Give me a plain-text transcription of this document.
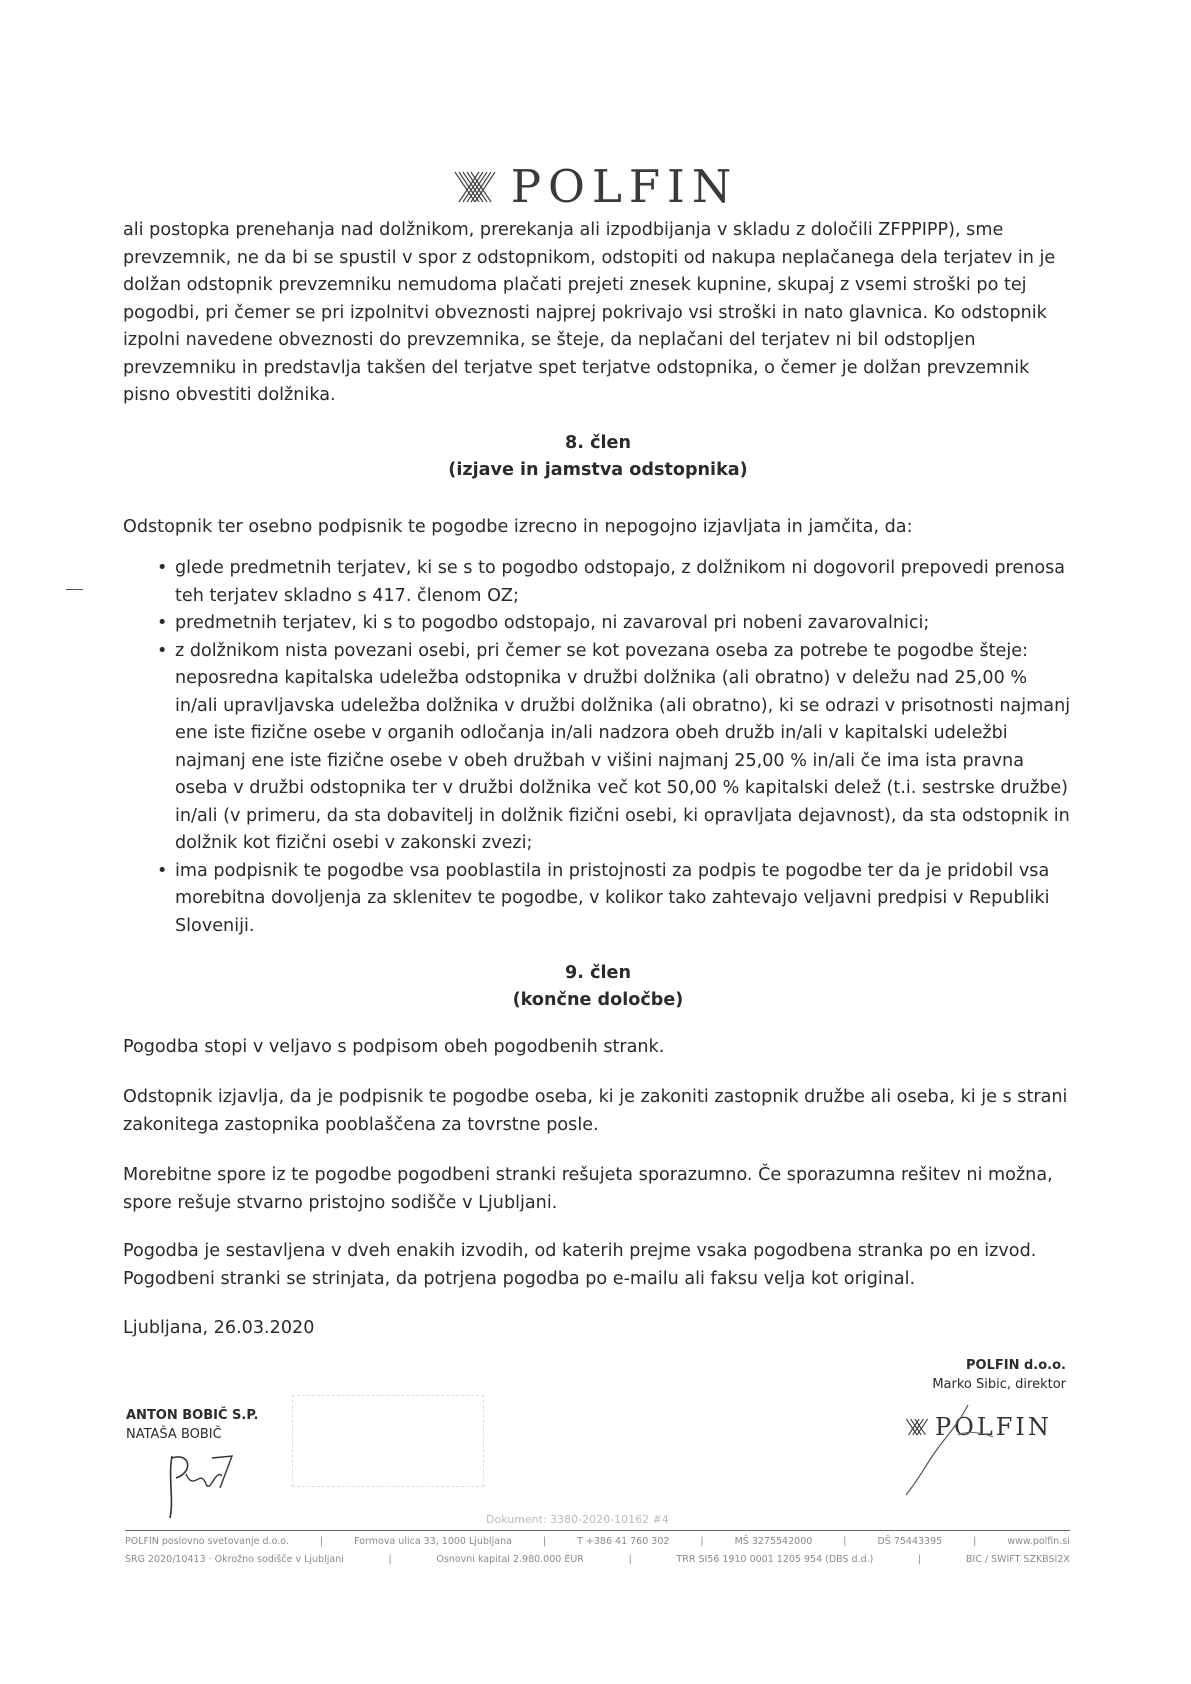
POLFIN

ali postopka prenehanja nad dolžnikom, prerekanja ali izpodbijanja v skladu z določili ZFPPIPP), sme prevzemnik, ne da bi se spustil v spor z odstopnikom, odstopiti od nakupa neplačanega dela terjatev in je dolžan odstopnik prevzemniku nemudoma plačati prejeti znesek kupnine, skupaj z vsemi stroški po tej pogodbi, pri čemer se pri izpolnitvi obveznosti najprej pokrivajo vsi stroški in nato glavnica. Ko odstopnik izpolni navedene obveznosti do prevzemnika, se šteje, da neplačani del terjatev ni bil odstopljen prevzemniku in predstavlja takšen del terjatve spet terjatve odstopnika, o čemer je dolžan prevzemnik pisno obvestiti dolžnika.

8. člen
(izjave in jamstva odstopnika)

Odstopnik ter osebno podpisnik te pogodbe izrecno in nepogojno izjavljata in jamčita, da:

• glede predmetnih terjatev, ki se s to pogodbo odstopajo, z dolžnikom ni dogovoril prepovedi prenosa teh terjatev skladno s 417. členom OZ;
• predmetnih terjatev, ki s to pogodbo odstopajo, ni zavaroval pri nobeni zavarovalnici;
• z dolžnikom nista povezani osebi, pri čemer se kot povezana oseba za potrebe te pogodbe šteje: neposredna kapitalska udeležba odstopnika v družbi dolžnika (ali obratno) v deležu nad 25,00 % in/ali upravljavska udeležba dolžnika v družbi dolžnika (ali obratno), ki se odrazi v prisotnosti najmanj ene iste fizične osebe v organih odločanja in/ali nadzora obeh družb in/ali v kapitalski udeležbi najmanj ene iste fizične osebe v obeh družbah v višini najmanj 25,00 % in/ali če ima ista pravna oseba v družbi odstopnika ter v družbi dolžnika več kot 50,00 % kapitalski delež (t.i. sestrske družbe) in/ali (v primeru, da sta dobavitelj in dolžnik fizični osebi, ki opravljata dejavnost), da sta odstopnik in dolžnik kot fizični osebi v zakonski zvezi;
• ima podpisnik te pogodbe vsa pooblastila in pristojnosti za podpis te pogodbe ter da je pridobil vsa morebitna dovoljenja za sklenitev te pogodbe, v kolikor tako zahtevajo veljavni predpisi v Republiki Sloveniji.
9. člen
(končne določbe)

Pogodba stopi v veljavo s podpisom obeh pogodbenih strank.

Odstopnik izjavlja, da je podpisnik te pogodbe oseba, ki je zakoniti zastopnik družbe ali oseba, ki je s strani zakonitega zastopnika pooblaščena za tovrstne posle.

Morebitne spore iz te pogodbe pogodbeni stranki rešujeta sporazumno. Če sporazumna rešitev ni možna, spore rešuje stvarno pristojno sodišče v Ljubljani.

Pogodba je sestavljena v dveh enakih izvodih, od katerih prejme vsaka pogodbena stranka po en izvod. Pogodbeni stranki se strinjata, da potrjena pogodba po e-mailu ali faksu velja kot original.

Ljubljana, 26.03.2020

POLFIN d.o.o.
Marko Sibic, direktor
POLFIN
ANTON BOBIČ S.P.
NATAŠA BOBIČ
Dokument: 3380-2020-10162 #4
POLFIN poslovno svetovanje d.o.o.	|	Formova ulica 33, 1000 Ljubljana	|	T +386 41 760 302	|	MŠ 3275542000	|	DŠ 75443395	|	www.polfin.si
SRG 2020/10413 · Okrožno sodišče v Ljubljani	|	Osnovni kapital 2.980.000 EUR	|	TRR SI56 1910 0001 1205 954 (DBS d.d.)	|	BIC / SWIFT SZKBSI2X
